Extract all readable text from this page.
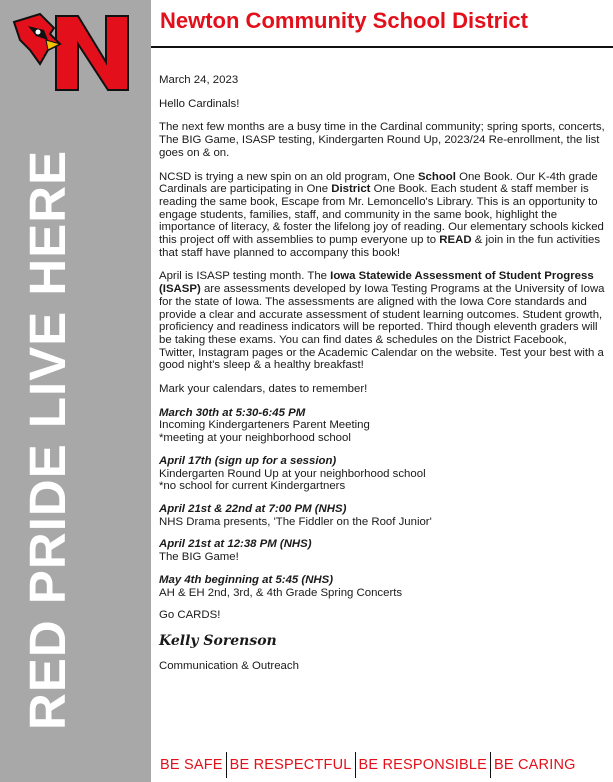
N
RED PRIDE LIVE HERE
Newton Community School District

March 24, 2023

Hello Cardinals!

The next few months are a busy time in the Cardinal community; spring sports, concerts, The BIG Game, ISASP testing, Kindergarten Round Up, 2023/24 Re-enrollment, the list goes on & on.

NCSD is trying a new spin on an old program, One School One Book. Our K-4th grade Cardinals are participating in One District One Book. Each student & staff member is reading the same book, Escape from Mr. Lemoncello's Library. This is an opportunity to engage students, families, staff, and community in the same book, highlight the importance of literacy, & foster the lifelong joy of reading. Our elementary schools kicked this project off with assemblies to pump everyone up to READ & join in the fun activities that staff have planned to accompany this book!

April is ISASP testing month. The Iowa Statewide Assessment of Student Progress (ISASP) are assessments developed by Iowa Testing Programs at the University of Iowa for the state of Iowa. The assessments are aligned with the Iowa Core standards and provide a clear and accurate assessment of student learning outcomes. Student growth, proficiency and readiness indicators will be reported. Third though eleventh graders will be taking these exams. You can find dates & schedules on the District Facebook, Twitter, Instagram pages or the Academic Calendar on the website. Test your best with a good night's sleep & a healthy breakfast!

Mark your calendars, dates to remember!

March 30th at 5:30-6:45 PM
Incoming Kindergarteners Parent Meeting
*meeting at your neighborhood school
April 17th (sign up for a session)
Kindergarten Round Up at your neighborhood school
*no school for current Kindergartners
April 21st & 22nd at 7:00 PM (NHS)
NHS Drama presents, 'The Fiddler on the Roof Junior'
April 21st at 12:38 PM (NHS)
The BIG Game!
May 4th beginning at 5:45 (NHS)
AH & EH 2nd, 3rd, & 4th Grade Spring Concerts

Go CARDS!

Kelly Sorenson

Communication & Outreach

BE SAFE BE RESPECTFUL BE RESPONSIBLE BE CARING
